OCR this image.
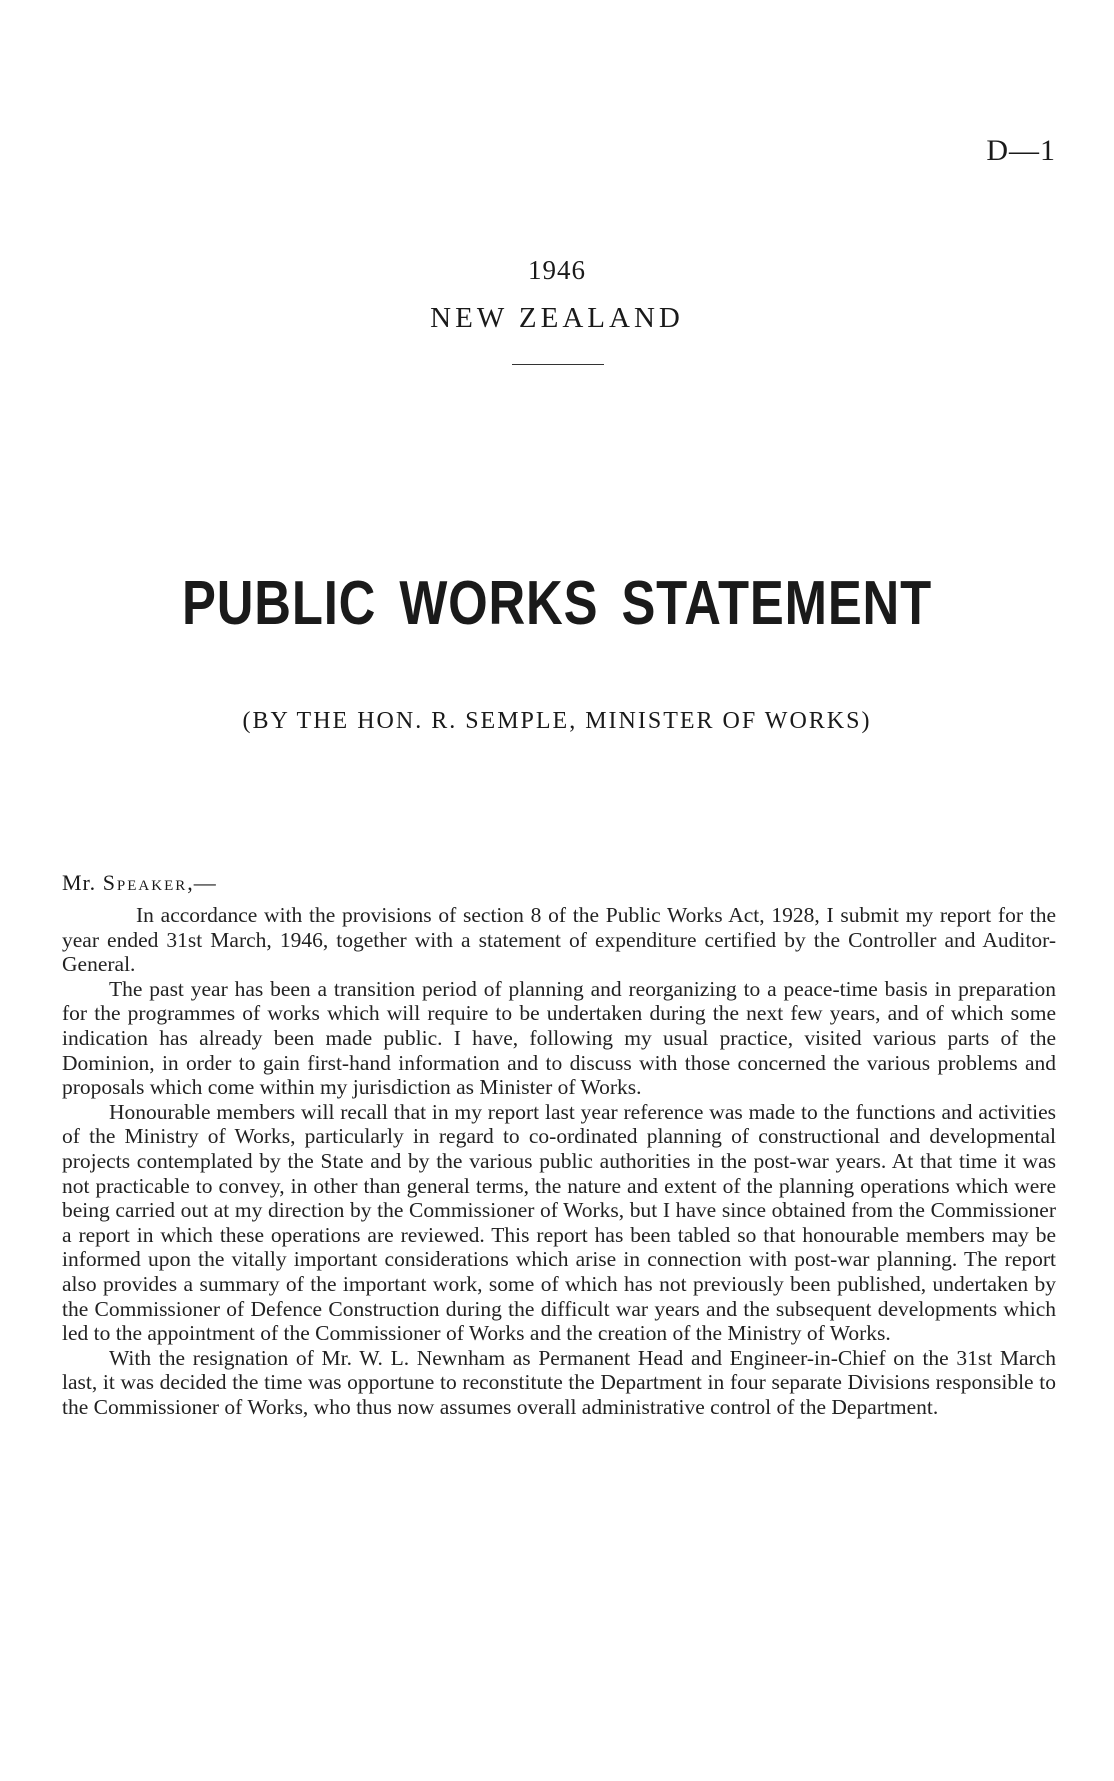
D—1
1946
NEW ZEALAND
PUBLIC WORKS STATEMENT
(BY THE HON. R. SEMPLE, MINISTER OF WORKS)
Mr. Speaker,—

In accordance with the provisions of section 8 of the Public Works Act, 1928, I submit my report for the year ended 31st March, 1946, together with a statement of expenditure certified by the Controller and Auditor-General.

The past year has been a transition period of planning and reorganizing to a peace-time basis in preparation for the programmes of works which will require to be undertaken during the next few years, and of which some indication has already been made public. I have, following my usual practice, visited various parts of the Dominion, in order to gain first-hand information and to discuss with those concerned the various problems and proposals which come within my jurisdiction as Minister of Works.

Honourable members will recall that in my report last year reference was made to the functions and activities of the Ministry of Works, particularly in regard to co-ordinated planning of constructional and developmental projects contemplated by the State and by the various public authorities in the post-war years. At that time it was not practicable to convey, in other than general terms, the nature and extent of the planning operations which were being carried out at my direction by the Commissioner of Works, but I have since obtained from the Commissioner a report in which these operations are reviewed. This report has been tabled so that honourable members may be informed upon the vitally important considerations which arise in connection with post-war planning. The report also provides a summary of the important work, some of which has not previously been published, undertaken by the Commissioner of Defence Construction during the difficult war years and the subsequent developments which led to the appointment of the Commissioner of Works and the creation of the Ministry of Works.

With the resignation of Mr. W. L. Newnham as Permanent Head and Engineer-in-Chief on the 31st March last, it was decided the time was opportune to reconstitute the Department in four separate Divisions responsible to the Commissioner of Works, who thus now assumes overall administrative control of the Department.
